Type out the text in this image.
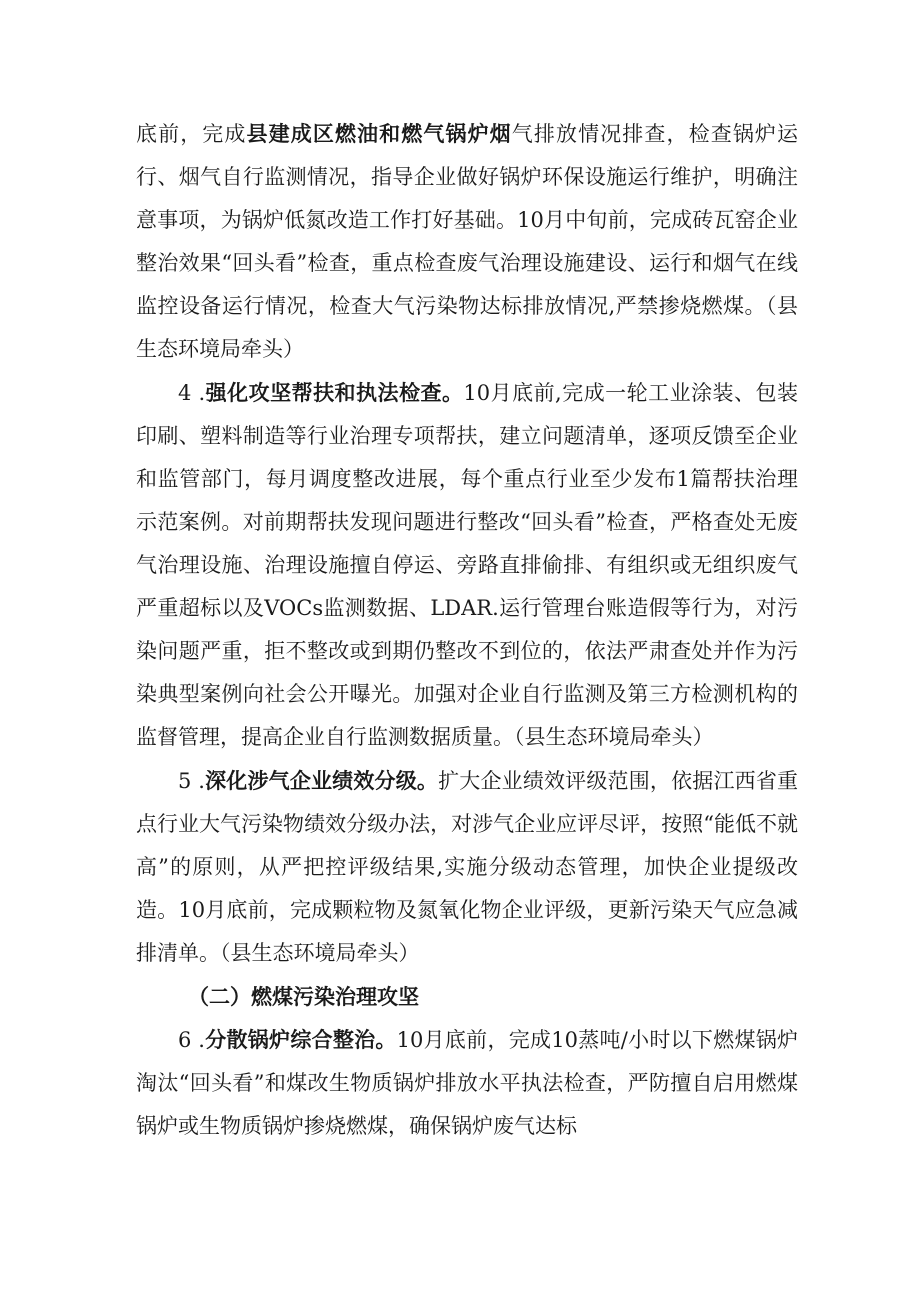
底前，完成县建成区燃油和燃气锅炉烟气排放情况排查，检查锅炉运行、烟气自行监测情况，指导企业做好锅炉环保设施运行维护，明确注意事项，为锅炉低氮改造工作打好基础。10月中旬前，完成砖瓦窑企业整治效果“回头看”检查，重点检查废气治理设施建设、运行和烟气在线监控设备运行情况，检查大气污染物达标排放情况,严禁掺烧燃煤。（县生态环境局牵头）

4 .强化攻坚帮扶和执法检查。10月底前,完成一轮工业涂装、包装印刷、塑料制造等行业治理专项帮扶，建立问题清单，逐项反馈至企业和监管部门，每月调度整改进展，每个重点行业至少发布1篇帮扶治理示范案例。对前期帮扶发现问题进行整改“回头看”检查，严格查处无废气治理设施、治理设施擅自停运、旁路直排偷排、有组织或无组织废气严重超标以及VOCs监测数据、LDAR.运行管理台账造假等行为，对污染问题严重，拒不整改或到期仍整改不到位的，依法严肃查处并作为污染典型案例向社会公开曝光。加强对企业自行监测及第三方检测机构的监督管理，提高企业自行监测数据质量。（县生态环境局牵头）

5 .深化涉气企业绩效分级。扩大企业绩效评级范围，依据江西省重点行业大气污染物绩效分级办法，对涉气企业应评尽评，按照“能低不就高”的原则，从严把控评级结果,实施分级动态管理，加快企业提级改造。10月底前，完成颗粒物及氮氧化物企业评级，更新污染天气应急减排清单。（县生态环境局牵头）

（二）燃煤污染治理攻坚

6 .分散锅炉综合整治。10月底前，完成10蒸吨/小时以下燃煤锅炉淘汰“回头看”和煤改生物质锅炉排放水平执法检查，严防擅自启用燃煤锅炉或生物质锅炉掺烧燃煤，确保锅炉废气达标
